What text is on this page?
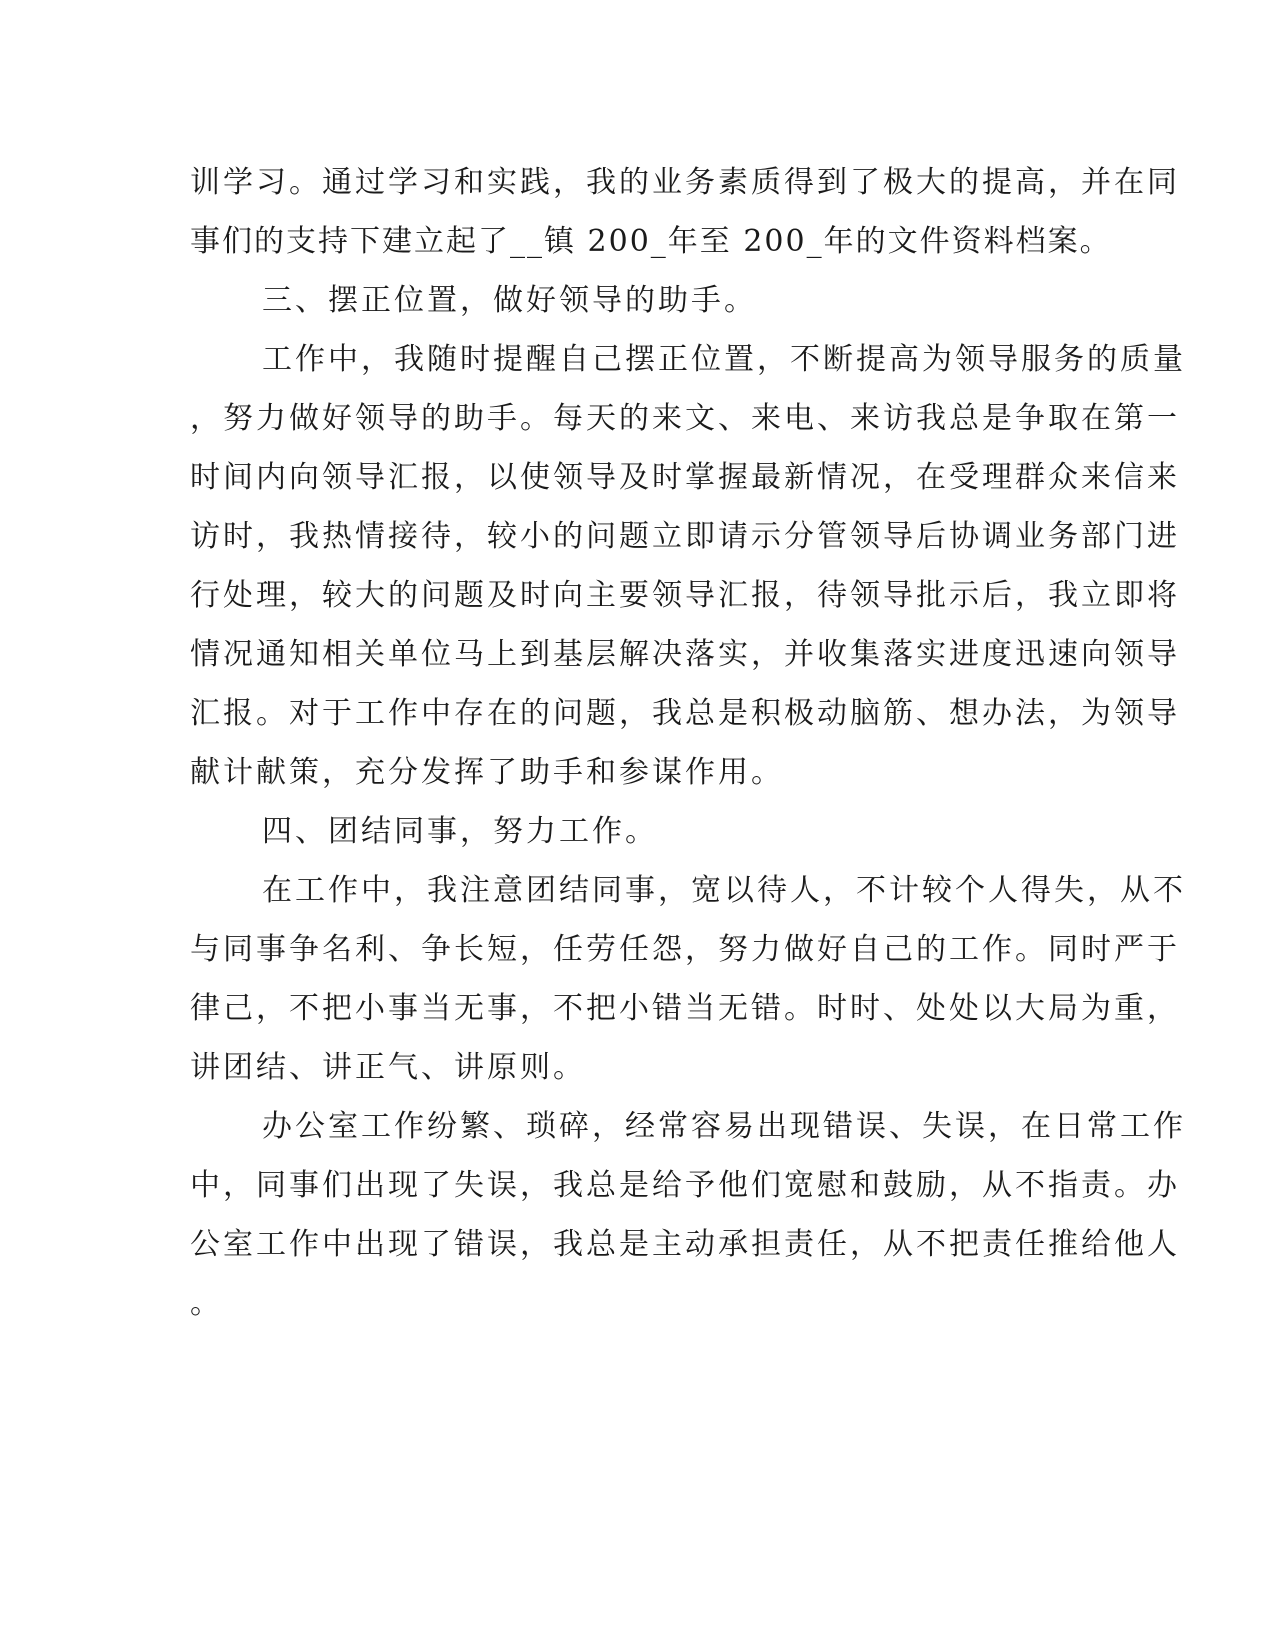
训学习。通过学习和实践，我的业务素质得到了极大的提高，并在同
事们的支持下建立起了__镇 200_年至 200_年的文件资料档案。
三、摆正位置，做好领导的助手。
工作中，我随时提醒自己摆正位置，不断提高为领导服务的质量
，努力做好领导的助手。每天的来文、来电、来访我总是争取在第一
时间内向领导汇报，以使领导及时掌握最新情况，在受理群众来信来
访时，我热情接待，较小的问题立即请示分管领导后协调业务部门进
行处理，较大的问题及时向主要领导汇报，待领导批示后，我立即将
情况通知相关单位马上到基层解决落实，并收集落实进度迅速向领导
汇报。对于工作中存在的问题，我总是积极动脑筋、想办法，为领导
献计献策，充分发挥了助手和参谋作用。
四、团结同事，努力工作。
在工作中，我注意团结同事，宽以待人，不计较个人得失，从不
与同事争名利、争长短，任劳任怨，努力做好自己的工作。同时严于
律己，不把小事当无事，不把小错当无错。时时、处处以大局为重，
讲团结、讲正气、讲原则。
办公室工作纷繁、琐碎，经常容易出现错误、失误，在日常工作
中，同事们出现了失误，我总是给予他们宽慰和鼓励，从不指责。办
公室工作中出现了错误，我总是主动承担责任，从不把责任推给他人
。
